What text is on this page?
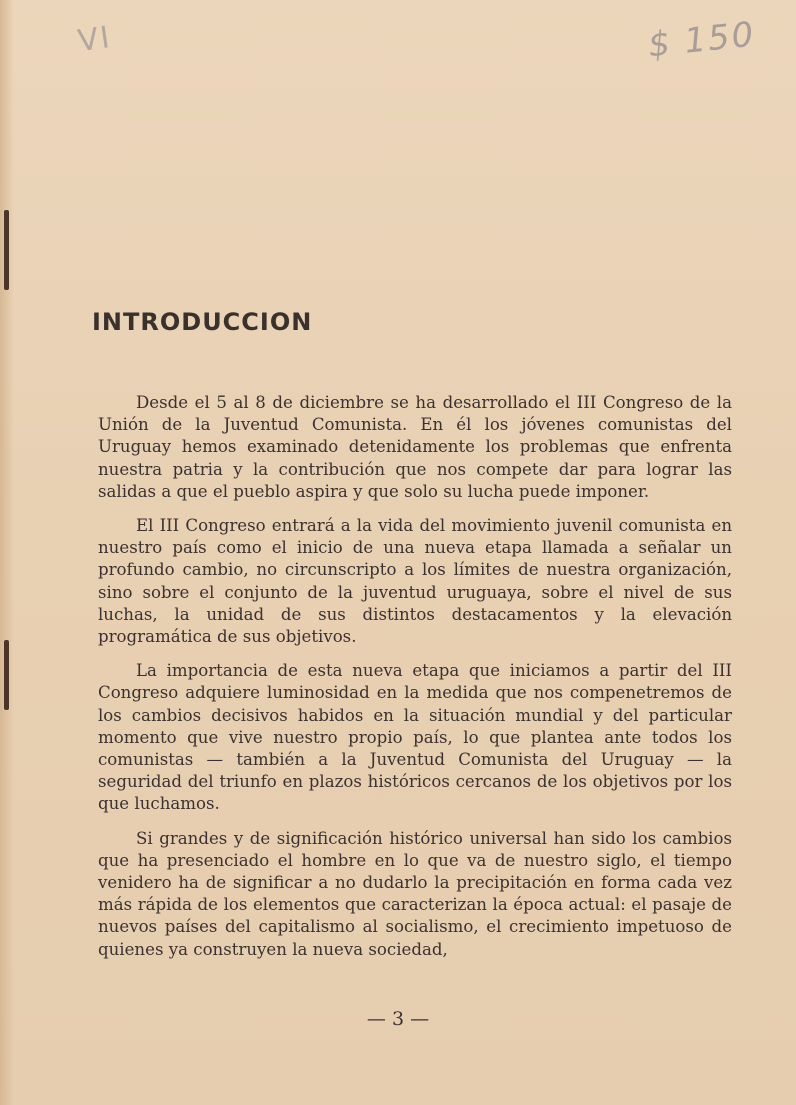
VI	$ 150
INTRODUCCION

Desde el 5 al 8 de diciembre se ha desarrollado el III Congreso de la Unión de la Juventud Comunista. En él los jóvenes comunistas del Uruguay hemos examinado detenidamente los problemas que enfrenta nuestra patria y la contribución que nos compete dar para lograr las salidas a que el pueblo aspira y que solo su lucha puede imponer.

El III Congreso entrará a la vida del movimiento juvenil comunista en nuestro país como el inicio de una nueva etapa llamada a señalar un profundo cambio, no circunscripto a los límites de nuestra organización, sino sobre el conjunto de la juventud uruguaya, sobre el nivel de sus luchas, la unidad de sus distintos destacamentos y la elevación programática de sus objetivos.

La importancia de esta nueva etapa que iniciamos a partir del III Congreso adquiere luminosidad en la medida que nos compenetremos de los cambios decisivos habidos en la situación mundial y del particular momento que vive nuestro propio país, lo que plantea ante todos los comunistas — también a la Juventud Comunista del Uruguay — la seguridad del triunfo en plazos históricos cercanos de los objetivos por los que luchamos.

Si grandes y de significación histórico universal han sido los cambios que ha presenciado el hombre en lo que va de nuestro siglo, el tiempo venidero ha de significar a no dudarlo la precipitación en forma cada vez más rápida de los elementos que caracterizan la época actual: el pasaje de nuevos países del capitalismo al socialismo, el crecimiento impetuoso de quienes ya construyen la nueva sociedad,

— 3 —
